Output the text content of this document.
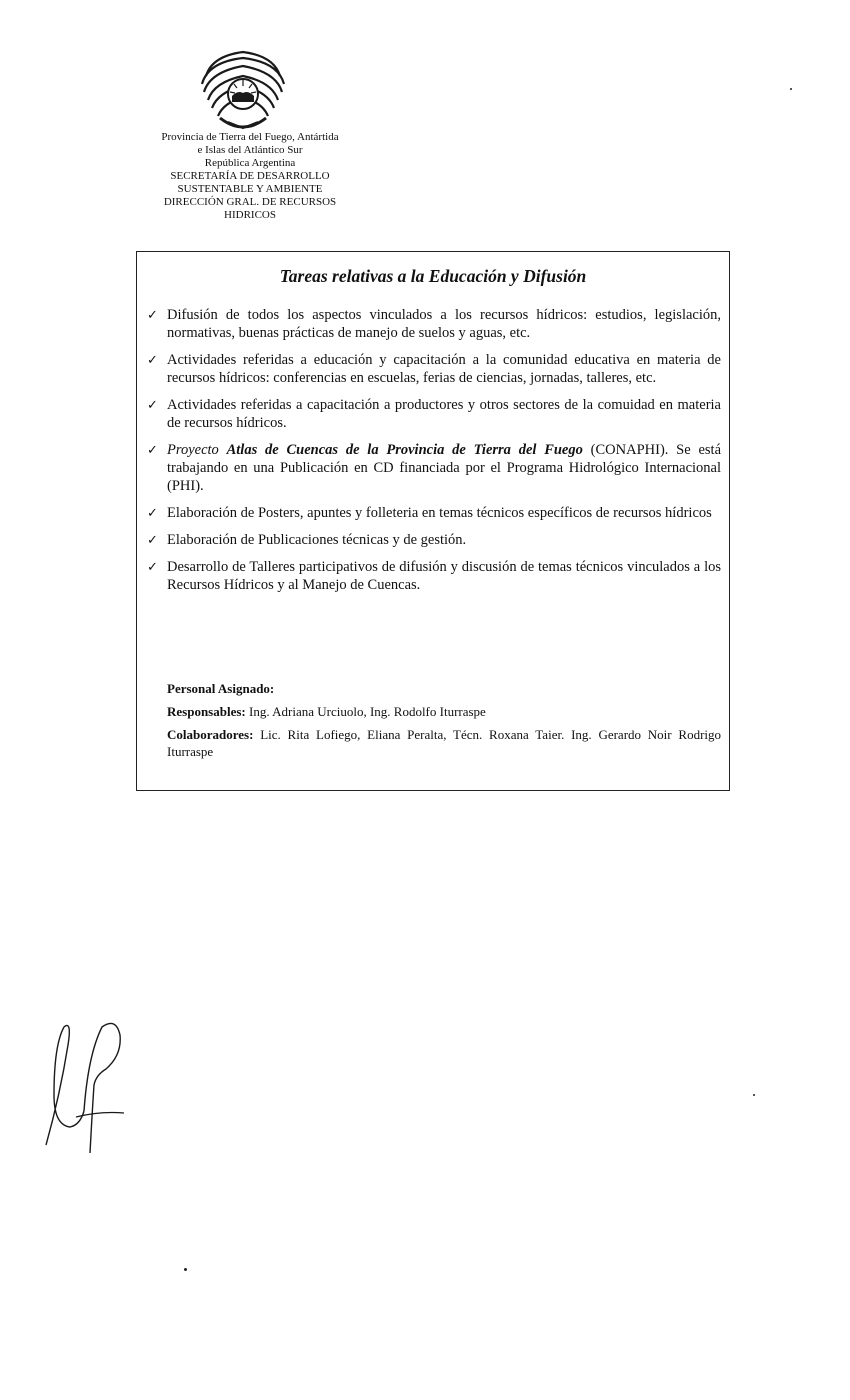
Provincia de Tierra del Fuego, Antártida
e Islas del Atlántico Sur
República Argentina
SECRETARÍA DE DESARROLLO
SUSTENTABLE Y AMBIENTE
DIRECCIÓN GRAL. DE RECURSOS
HIDRICOS
Tareas relativas a la Educación y Difusión
✓ Difusión de todos los aspectos vinculados a los recursos hídricos: estudios, legislación, normativas, buenas prácticas de manejo de suelos y aguas, etc.
✓ Actividades referidas a educación y capacitación a la comunidad educativa en materia de recursos hídricos: conferencias en escuelas, ferias de ciencias, jornadas, talleres, etc.
✓ Actividades referidas a capacitación a productores y otros sectores de la comuidad en materia de recursos hídricos.
✓ Proyecto Atlas de Cuencas de la Provincia de Tierra del Fuego (CONAPHI). Se está trabajando en una Publicación en CD financiada por el Programa Hidrológico Internacional (PHI).
✓ Elaboración de Posters, apuntes y folleteria en temas técnicos específicos de recursos hídricos
✓ Elaboración de Publicaciones técnicas y de gestión.
✓ Desarrollo de Talleres participativos de difusión y discusión de temas técnicos vinculados a los Recursos Hídricos y al Manejo de Cuencas.
Personal Asignado:
Responsables: Ing. Adriana Urciuolo, Ing. Rodolfo Iturraspe
Colaboradores: Lic. Rita Lofiego, Eliana Peralta, Técn. Roxana Taier. Ing. Gerardo Noir Rodrigo Iturraspe
